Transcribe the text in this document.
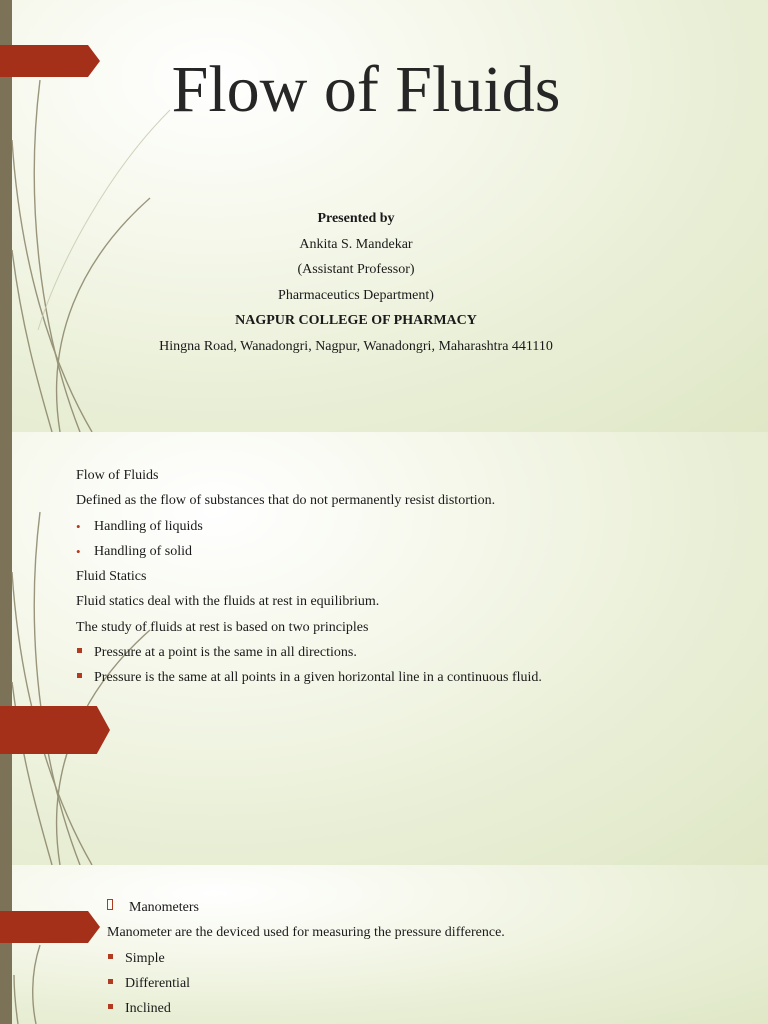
Flow of Fluids
Presented by
Ankita S. Mandekar
(Assistant Professor)
Pharmaceutics Department)
NAGPUR COLLEGE OF PHARMACY
Hingna Road, Wanadongri, Nagpur, Wanadongri, Maharashtra 441110
Flow of Fluids
Defined as the flow of substances that do not permanently resist distortion.
• Handling of liquids
• Handling of solid
Fluid Statics
Fluid statics deal with the fluids at rest in equilibrium.
The study of fluids at rest is based on two principles
Pressure at a point is the same in all directions.
Pressure is the same at all points in a given horizontal line in a continuous fluid.
Manometers
Manometer are the deviced used for measuring the pressure difference.
Simple
Differential
Inclined
